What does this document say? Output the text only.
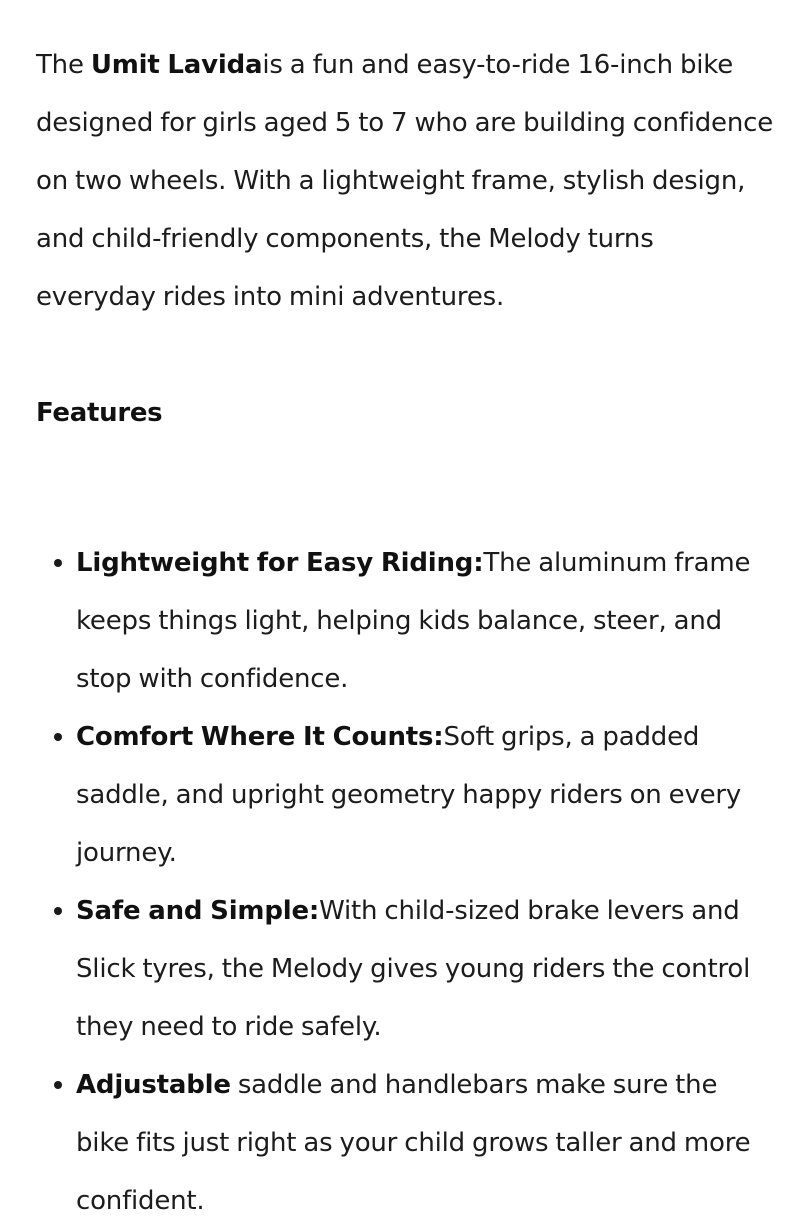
The Umit Lavidais a fun and easy-to-ride 16-inch bike designed for girls aged 5 to 7 who are building confidence on two wheels. With a lightweight frame, stylish design, and child-friendly components, the Melody turns everyday rides into mini adventures.

Features
Lightweight for Easy Riding:The aluminum frame keeps things light, helping kids balance, steer, and stop with confidence.
Comfort Where It Counts:Soft grips, a padded saddle, and upright geometry happy riders on every journey.
Safe and Simple:With child-sized brake levers and Slick tyres, the Melody gives young riders the control they need to ride safely.
Adjustable saddle and handlebars make sure the bike fits just right as your child grows taller and more confident.
